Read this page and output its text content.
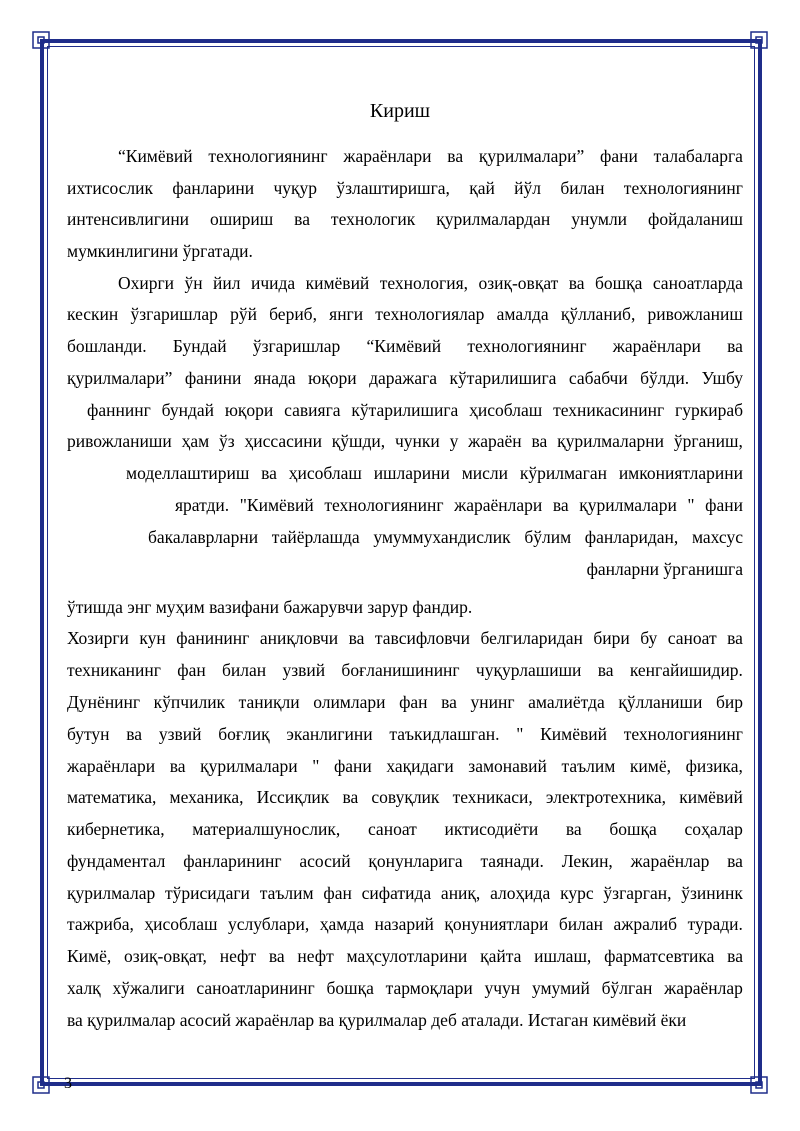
Кириш
“Кимёвий технологиянинг жараёнлари ва қурилмалари” фани талабаларга
ихтисослик фанларини чуқур ўзлаштиришга, қай йўл билан технологиянинг
интенсивлигини ошириш ва технологик қурилмалардан унумли фойдаланиш
мумкинлигини ўргатади.
Охирги ўн йил ичида кимёвий технология, озиқ-овқат ва бошқа саноатларда
кескин ўзгаришлар рўй бериб, янги технологиялар амалда қўлланиб, ривожланиш
бошланди. Бундай ўзгаришлар “Кимёвий технологиянинг жараёнлари ва
қурилмалари” фанини янада юқори даражага кўтарилишига сабабчи бўлди. Ушбу
фаннинг бундай юқори савияга кўтарилишига ҳисоблаш техникасининг гуркираб
ривожланиши ҳам ўз ҳиссасини қўшди, чунки у жараён ва қурилмаларни ўрганиш,
моделлаштириш ва ҳисоблаш ишларини мисли кўрилмаган имкониятларини
яратди. "Кимёвий технологиянинг жараёнлари ва қурилмалари " фани
бакалаврларни тайёрлашда умуммухандислик бўлим фанларидан, махсус
фанларни ўрганишга
ўтишда энг муҳим вазифани бажарувчи зарур фандир.
Хозирги кун фанининг аниқловчи ва тавсифловчи белгиларидан бири бу саноат ва
техниканинг фан билан узвий боғланишининг чуқурлашиши ва кенгайишидир.
Дунёнинг кўпчилик таниқли олимлари фан ва унинг амалиётда қўлланиши бир
бутун ва узвий боғлиқ эканлигини таъкидлашган. " Кимёвий технологиянинг
жараёнлари ва қурилмалари " фани хақидаги замонавий таълим кимё, физика,
математика, механика, Иссиқлик ва совуқлик техникаси, электротехника, кимёвий
кибернетика, материалшунослик, саноат иктисодиёти ва бошқа соҳалар
фундаментал фанларининг асосий қонунларига таянади. Лекин, жараёнлар ва
қурилмалар тўрисидаги таълим фан сифатида аниқ, алоҳида курс ўзгарган, ўзининк
тажриба, ҳисоблаш услублари, ҳамда назарий қонуниятлари билан ажралиб туради.
Кимё, озиқ-овқат, нефт ва нефт маҳсулотларини қайта ишлаш, фарматсевтика ва
халқ хўжалиги саноатларининг бошқа тармоқлари учун умумий бўлган жараёнлар
ва қурилмалар асосий жараёнлар ва қурилмалар деб аталади. Истаган кимёвий ёки
3
